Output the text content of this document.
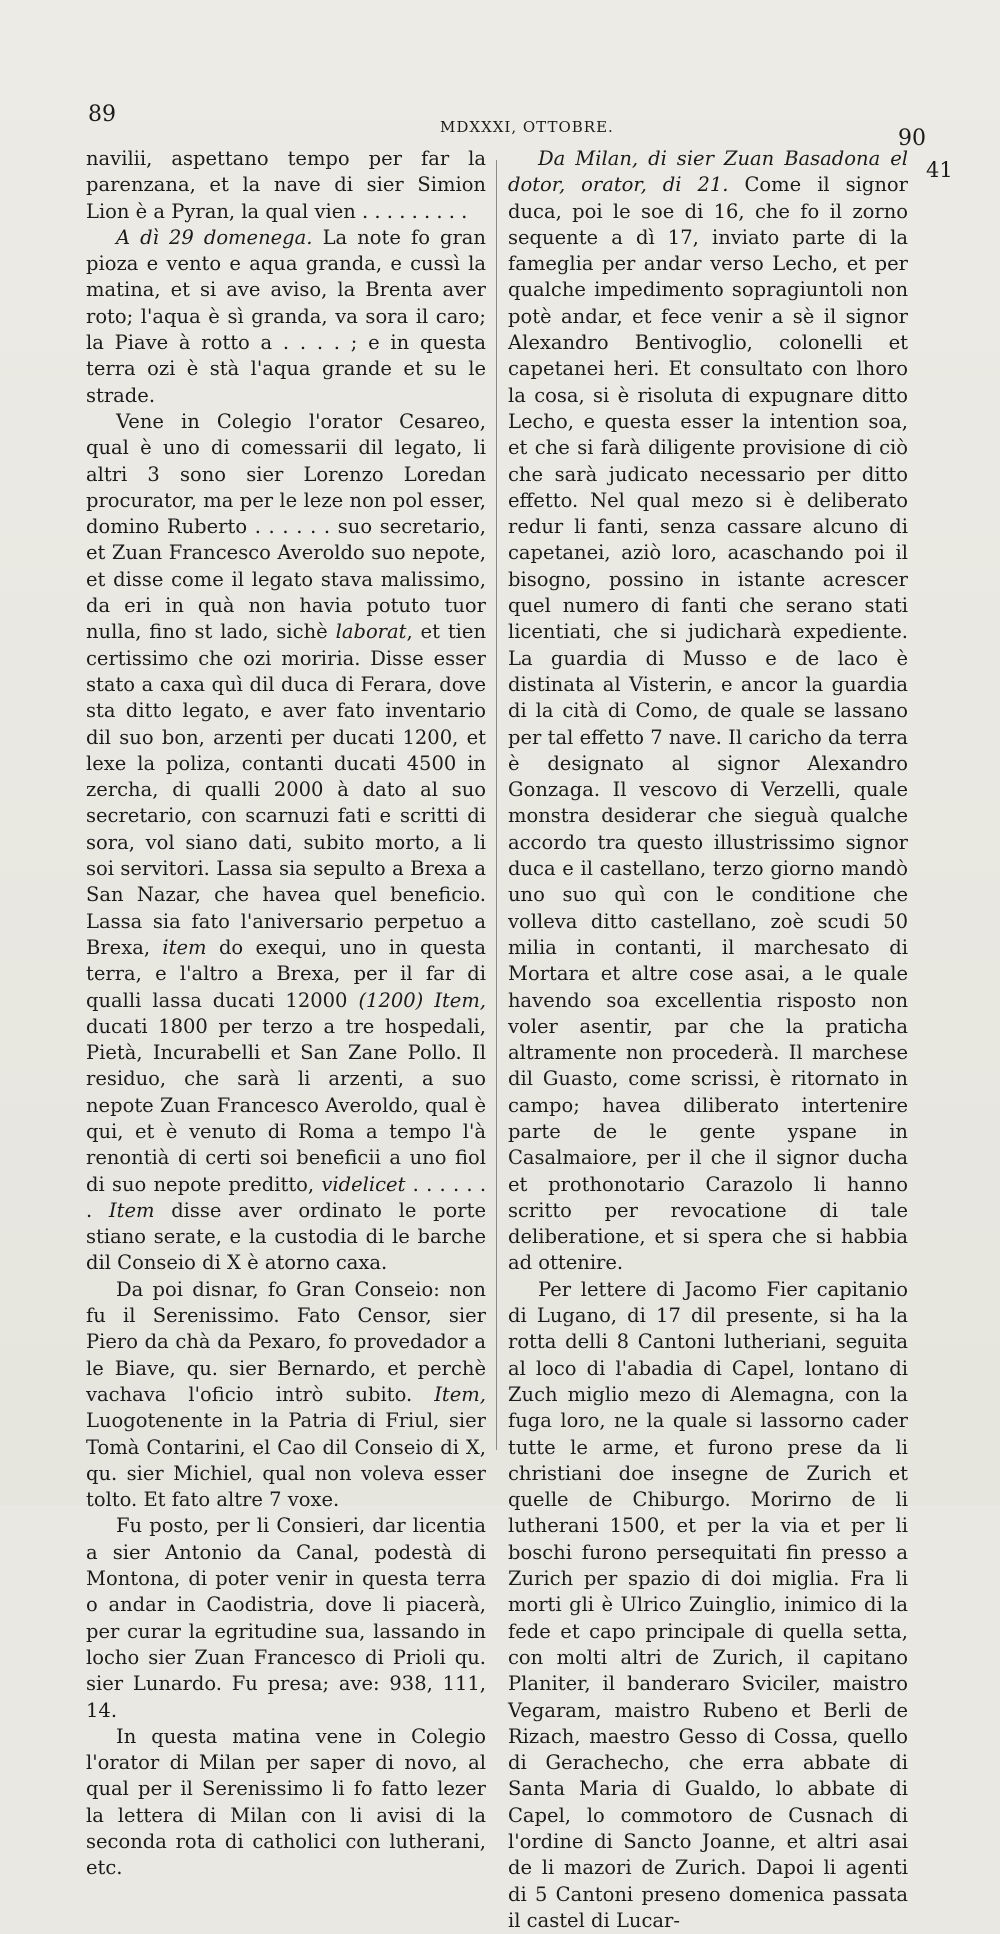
89	MDXXXI, OTTOBRE.	90
41

navilii, aspettano tempo per far la parenzana, et la nave di sier Simion Lion è a Pyran, la qual vien . . . . . . . . .

A dì 29 domenega. La note fo gran pioza e vento e aqua granda, e cussì la matina, et si ave aviso, la Brenta aver roto; l'aqua è sì granda, va sora il caro; la Piave à rotto a . . . . ; e in questa terra ozi è stà l'aqua grande et su le strade.

Vene in Colegio l'orator Cesareo, qual è uno di comessarii dil legato, li altri 3 sono sier Lorenzo Loredan procurator, ma per le leze non pol esser, domino Ruberto . . . . . . suo secretario, et Zuan Francesco Averoldo suo nepote, et disse come il legato stava malissimo, da eri in quà non havia potuto tuor nulla, fino st lado, sichè laborat, et tien certissimo che ozi moriria. Disse esser stato a caxa quì dil duca di Ferara, dove sta ditto legato, e aver fato inventario dil suo bon, arzenti per ducati 1200, et lexe la poliza, contanti ducati 4500 in zercha, di qualli 2000 à dato al suo secretario, con scarnuzi fati e scritti di sora, vol siano dati, subito morto, a li soi servitori. Lassa sia sepulto a Brexa a San Nazar, che havea quel beneficio. Lassa sia fato l'aniversario perpetuo a Brexa, item do exequi, uno in questa terra, e l'altro a Brexa, per il far di qualli lassa ducati 12000 (1200) Item, ducati 1800 per terzo a tre hospedali, Pietà, Incurabelli et San Zane Pollo. Il residuo, che sarà li arzenti, a suo nepote Zuan Francesco Averoldo, qual è qui, et è venuto di Roma a tempo l'à renontià di certi soi beneficii a uno fiol di suo nepote preditto, videlicet . . . . . . . Item disse aver ordinato le porte stiano serate, e la custodia di le barche dil Conseio di X è atorno caxa.

Da poi disnar, fo Gran Conseio: non fu il Serenissimo. Fato Censor, sier Piero da chà da Pexaro, fo provedador a le Biave, qu. sier Bernardo, et perchè vachava l'oficio intrò subito. Item, Luogotenente in la Patria di Friul, sier Tomà Contarini, el Cao dil Conseio di X, qu. sier Michiel, qual non voleva esser tolto. Et fato altre 7 voxe.

Fu posto, per li Consieri, dar licentia a sier Antonio da Canal, podestà di Montona, di poter venir in questa terra o andar in Caodistria, dove li piacerà, per curar la egritudine sua, lassando in locho sier Zuan Francesco di Prioli qu. sier Lunardo. Fu presa; ave: 938, 111, 14.

In questa matina vene in Colegio l'orator di Milan per saper di novo, al qual per il Serenissimo li fo fatto lezer la lettera di Milan con li avisi di la seconda rota di catholici con lutherani, etc.

Da Milan, di sier Zuan Basadona el dotor, orator, di 21. Come il signor duca, poi le soe di 16, che fo il zorno sequente a dì 17, inviato parte di la fameglia per andar verso Lecho, et per qualche impedimento sopragiuntoli non potè andar, et fece venir a sè il signor Alexandro Bentivoglio, colonelli et capetanei heri. Et consultato con lhoro la cosa, si è risoluta di expugnare ditto Lecho, e questa esser la intention soa, et che si farà diligente provisione di ciò che sarà judicato necessario per ditto effetto. Nel qual mezo si è deliberato redur li fanti, senza cassare alcuno di capetanei, aziò loro, acaschando poi il bisogno, possino in istante acrescer quel numero di fanti che serano stati licentiati, che si judicharà expediente. La guardia di Musso e de laco è distinata al Visterin, e ancor la guardia di la cità di Como, de quale se lassano per tal effetto 7 nave. Il caricho da terra è designato al signor Alexandro Gonzaga. Il vescovo di Verzelli, quale monstra desiderar che sieguà qualche accordo tra questo illustrissimo signor duca e il castellano, terzo giorno mandò uno suo quì con le conditione che volleva ditto castellano, zoè scudi 50 milia in contanti, il marchesato di Mortara et altre cose asai, a le quale havendo soa excellentia risposto non voler asentir, par che la praticha altramente non procederà. Il marchese dil Guasto, come scrissi, è ritornato in campo; havea diliberato intertenire parte de le gente yspane in Casalmaiore, per il che il signor ducha et prothonotario Carazolo li hanno scritto per revocatione di tale deliberatione, et si spera che si habbia ad ottenire.

Per lettere di Jacomo Fier capitanio di Lugano, di 17 dil presente, si ha la rotta delli 8 Cantoni lutheriani, seguita al loco di l'abadia di Capel, lontano di Zuch miglio mezo di Alemagna, con la fuga loro, ne la quale si lassorno cader tutte le arme, et furono prese da li christiani doe insegne de Zurich et quelle de Chiburgo. Morirno de li lutherani 1500, et per la via et per li boschi furono persequitati fin presso a Zurich per spazio di doi miglia. Fra li morti gli è Ulrico Zuinglio, inimico di la fede et capo principale di quella setta, con molti altri de Zurich, il capitano Planiter, il banderaro Sviciler, maistro Vegaram, maistro Rubeno et Berli de Rizach, maestro Gesso di Cossa, quello di Gerachecho, che erra abbate di Santa Maria di Gualdo, lo abbate di Capel, lo commotoro de Cusnach di l'ordine di Sancto Joanne, et altri asai de li mazori de Zurich. Dapoi li agenti di 5 Cantoni preseno domenica passata il castel di Lucar-
